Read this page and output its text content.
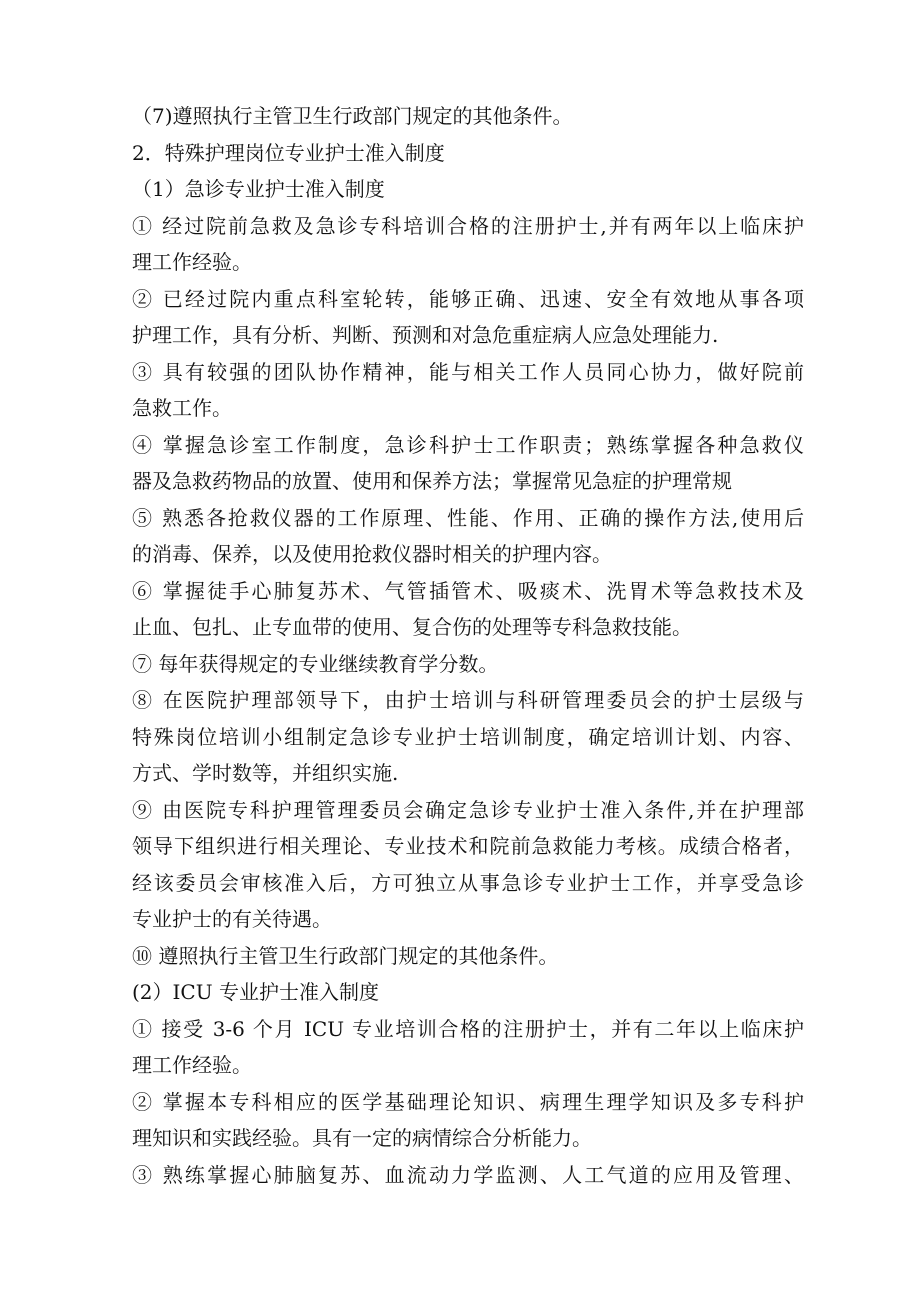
（7)遵照执行主管卫生行政部门规定的其他条件。
2．特殊护理岗位专业护士准入制度
（1）急诊专业护士准入制度
① 经过院前急救及急诊专科培训合格的注册护士,并有两年以上临床护
理工作经验。
② 已经过院内重点科室轮转，能够正确、迅速、安全有效地从事各项
护理工作，具有分析、判断、预测和对急危重症病人应急处理能力.
③ 具有较强的团队协作精神，能与相关工作人员同心协力，做好院前
急救工作。
④ 掌握急诊室工作制度，急诊科护士工作职责；熟练掌握各种急救仪
器及急救药物品的放置、使用和保养方法；掌握常见急症的护理常规
⑤ 熟悉各抢救仪器的工作原理、性能、作用、正确的操作方法,使用后
的消毒、保养，以及使用抢救仪器时相关的护理内容。
⑥ 掌握徒手心肺复苏术、气管插管术、吸痰术、洗胃术等急救技术及
止血、包扎、止专血带的使用、复合伤的处理等专科急救技能。
⑦ 每年获得规定的专业继续教育学分数。
⑧ 在医院护理部领导下，由护士培训与科研管理委员会的护士层级与
特殊岗位培训小组制定急诊专业护士培训制度，确定培训计划、内容、
方式、学时数等，并组织实施.
⑨ 由医院专科护理管理委员会确定急诊专业护士准入条件,并在护理部
领导下组织进行相关理论、专业技术和院前急救能力考核。成绩合格者，
经该委员会审核准入后，方可独立从事急诊专业护士工作，并享受急诊
专业护士的有关待遇。
⑩ 遵照执行主管卫生行政部门规定的其他条件。
(2）ICU 专业护士准入制度
① 接受 3-6 个月 ICU 专业培训合格的注册护士，并有二年以上临床护
理工作经验。
② 掌握本专科相应的医学基础理论知识、病理生理学知识及多专科护
理知识和实践经验。具有一定的病情综合分析能力。
③ 熟练掌握心肺脑复苏、血流动力学监测、人工气道的应用及管理、
